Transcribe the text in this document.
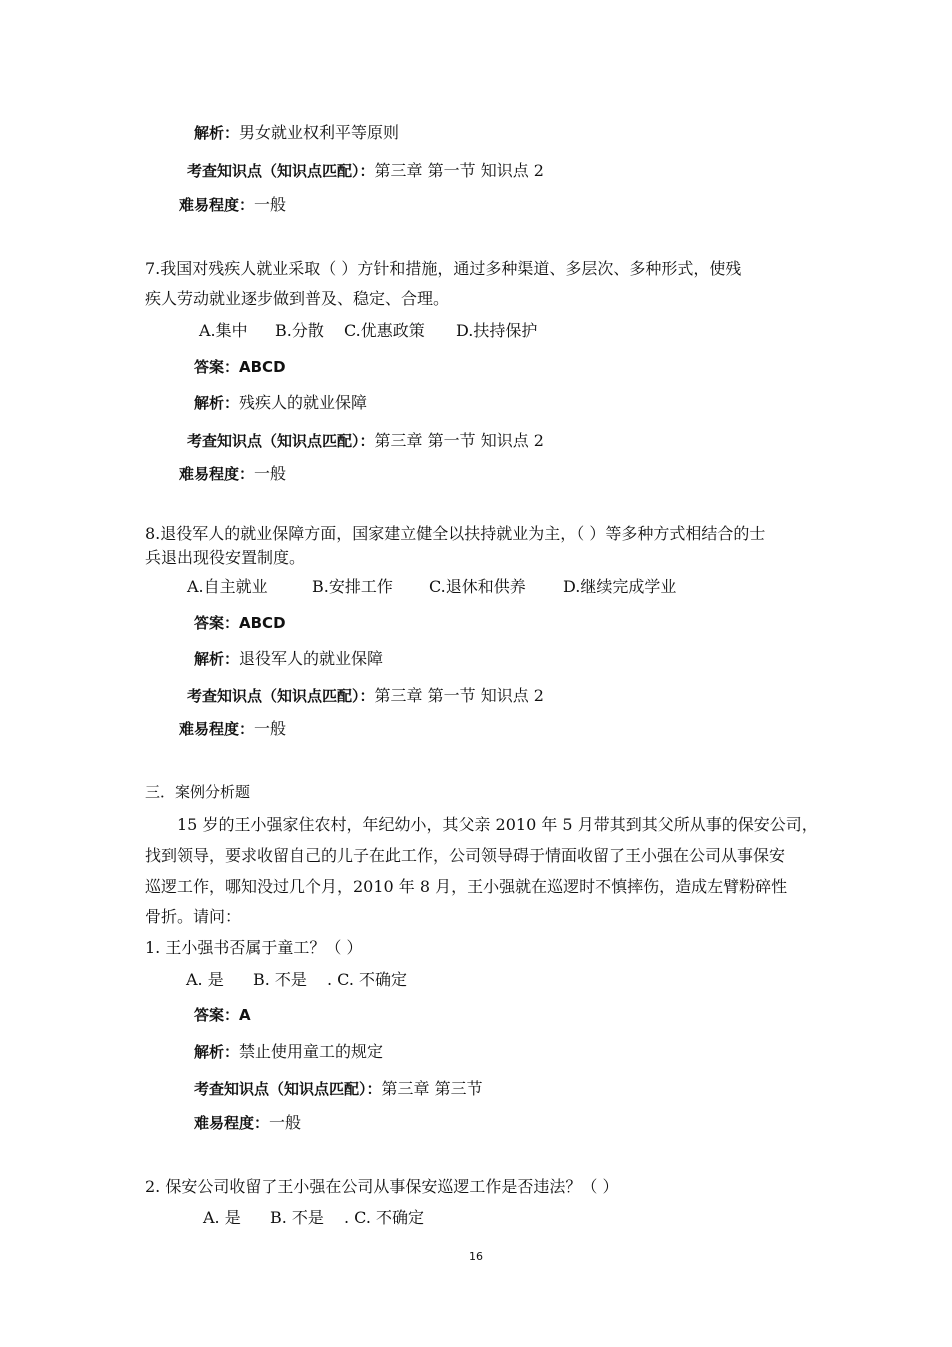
解析：男女就业权利平等原则
考查知识点（知识点匹配）：第三章 第一节 知识点 2
难易程度：一般
7.我国对残疾人就业采取（ ）方针和措施，通过多种渠道、多层次、多种形式，使残
疾人劳动就业逐步做到普及、稳定、合理。
A.集中 B.分散 C.优惠政策 D.扶持保护
答案：ABCD
解析：残疾人的就业保障
考查知识点（知识点匹配）：第三章 第一节 知识点 2
难易程度：一般
8.退役军人的就业保障方面，国家建立健全以扶持就业为主，（ ）等多种方式相结合的士
兵退出现役安置制度。
A.自主就业	B.安排工作 C.退休和供养 D.继续完成学业
答案：ABCD
解析：退役军人的就业保障
考查知识点（知识点匹配）：第三章 第一节 知识点 2
难易程度：一般
三．案例分析题
15 岁的王小强家住农村，年纪幼小，其父亲 2010 年 5 月带其到其父所从事的保安公司，
找到领导，要求收留自己的儿子在此工作，公司领导碍于情面收留了王小强在公司从事保安
巡逻工作，哪知没过几个月，2010 年 8 月，王小强就在巡逻时不慎摔伤，造成左臂粉碎性
骨折。请问：
1. 王小强书否属于童工？（ ）
A. 是 B. 不是 . C. 不确定
答案：A
解析：禁止使用童工的规定
考查知识点（知识点匹配）：第三章 第三节
难易程度：一般
2. 保安公司收留了王小强在公司从事保安巡逻工作是否违法？（ ）
A. 是 B. 不是 . C. 不确定
16
